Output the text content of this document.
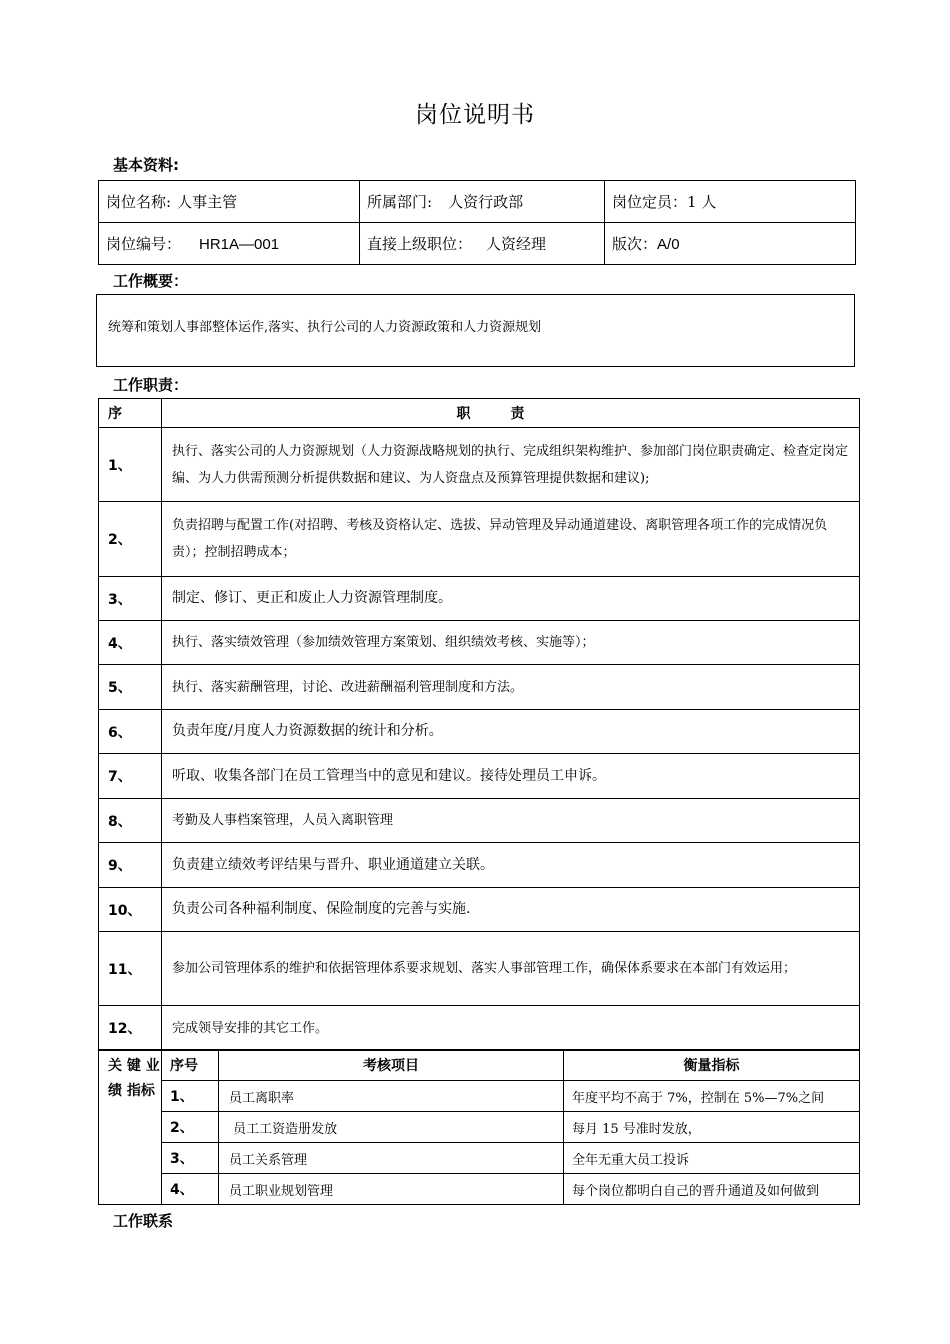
岗位说明书
基本资料:
岗位名称: 人事主管	所属部门: 人资行政部	岗位定员：1 人
岗位编号： HR1A—001	直接上级职位： 人资经理	版次：A/0
工作概要：
统筹和策划人事部整体运作,落实、执行公司的人力资源政策和人力资源规划
工作职责：
序	职责
1、	执行、落实公司的人力资源规划（人力资源战略规划的执行、完成组织架构维护、参加部门岗位职责确定、检查定岗定编、为人力供需预测分析提供数据和建议、为人资盘点及预算管理提供数据和建议);
2、	负责招聘与配置工作(对招聘、考核及资格认定、选拔、异动管理及异动通道建设、离职管理各项工作的完成情况负责）；控制招聘成本；
3、	制定、修订、更正和废止人力资源管理制度。
4、	执行、落实绩效管理（参加绩效管理方案策划、组织绩效考核、实施等）；
5、	执行、落实薪酬管理，讨论、改进薪酬福利管理制度和方法。
6、	负责年度/月度人力资源数据的统计和分析。
7、	听取、收集各部门在员工管理当中的意见和建议。接待处理员工申诉。
8、	考勤及人事档案管理，人员入离职管理
9、	负责建立绩效考评结果与晋升、职业通道建立关联。
10、	负责公司各种福利制度、保险制度的完善与实施.
11、	参加公司管理体系的维护和依据管理体系要求规划、落实人事部管理工作，确保体系要求在本部门有效运用；
12、	完成领导安排的其它工作。
关 键 业 绩 指标	序号	考核项目	衡量指标
	1、	员工离职率	年度平均不高于 7%，控制在 5%—7%之间
	2、	员工工资造册发放	每月 15 号准时发放，
	3、	员工关系管理	全年无重大员工投诉
	4、	员工职业规划管理	每个岗位都明白自己的晋升通道及如何做到
工作联系
